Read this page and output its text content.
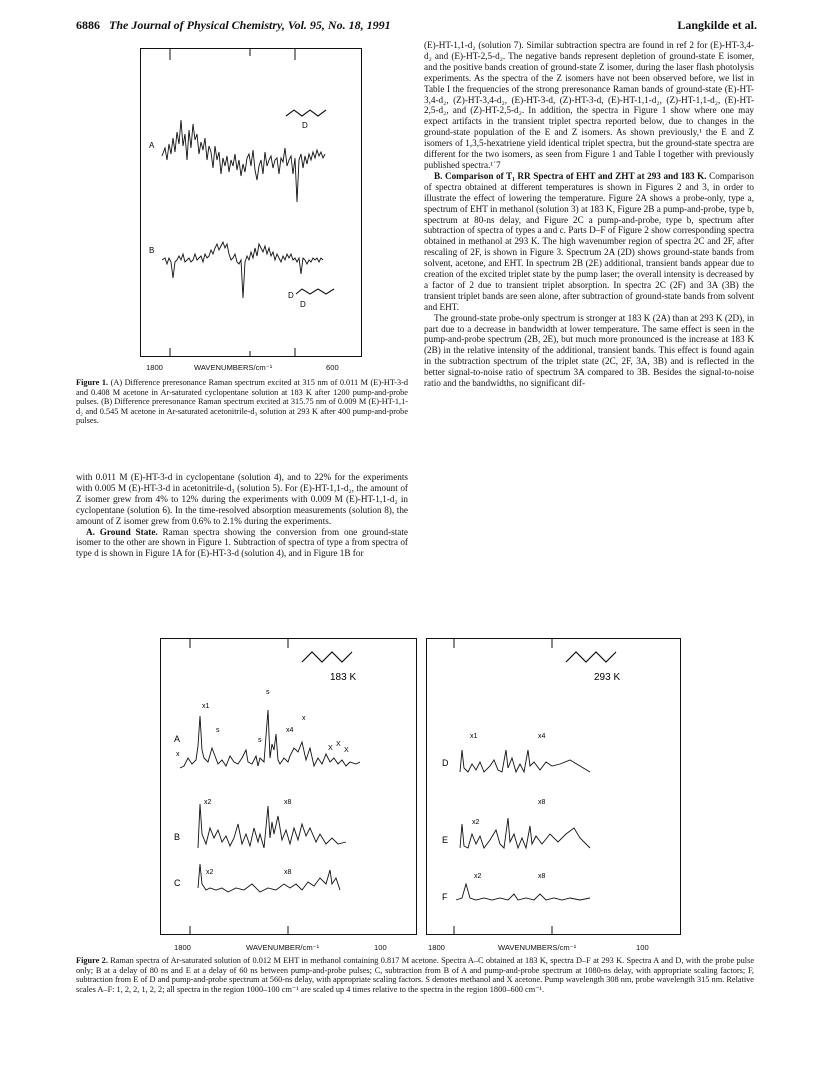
6886 The Journal of Physical Chemistry, Vol. 95, No. 18, 1991	Langkilde et al.
D
A
B
D
D
1800	WAVENUMBERS/cm⁻¹	600
Figure 1. (A) Difference preresonance Raman spectrum excited at 315 nm of 0.011 M (E)-HT-3-d and 0.408 M acetone in Ar-saturated cyclopentane solution at 183 K after 1200 pump-and-probe pulses. (B) Difference preresonance Raman spectrum excited at 315.75 nm of 0.009 M (E)-HT-1,1-d₂ and 0.545 M acetone in Ar-saturated acetonitrile-d₃ solution at 293 K after 400 pump-and-probe pulses.

with 0.011 M (E)-HT-3-d in cyclopentane (solution 4), and to 22% for the experiments with 0.005 M (E)-HT-3-d in acetonitrile-d₃ (solution 5). For (E)-HT-1,1-d₂, the amount of Z isomer grew from 4% to 12% during the experiments with 0.009 M (E)-HT-1,1-d₂ in cyclopentane (solution 6). In the time-resolved absorption measurements (solution 8), the amount of Z isomer grew from 0.6% to 2.1% during the experiments.

A. Ground State. Raman spectra showing the conversion from one ground-state isomer to the other are shown in Figure 1. Subtraction of spectra of type a from spectra of type d is shown in Figure 1A for (E)-HT-3-d (solution 4), and in Figure 1B for

(E)-HT-1,1-d₂ (solution 7). Similar subtraction spectra are found in ref 2 for (E)-HT-3,4-d₂ and (E)-HT-2,5-d₂. The negative bands represent depletion of ground-state E isomer, and the positive bands creation of ground-state Z isomer, during the laser flash photolysis experiments. As the spectra of the Z isomers have not been observed before, we list in Table I the frequencies of the strong preresonance Raman bands of ground-state (E)-HT-3,4-d₂, (Z)-HT-3,4-d₂, (E)-HT-3-d, (Z)-HT-3-d, (E)-HT-1,1-d₂, (Z)-HT-1,1-d₂, (E)-HT-2,5-d₂, and (Z)-HT-2,5-d₂. In addition, the spectra in Figure 1 show where one may expect artifacts in the transient triplet spectra reported below, due to changes in the ground-state population of the E and Z isomers. As shown previously,¹ the E and Z isomers of 1,3,5-hexatriene yield identical triplet spectra, but the ground-state spectra are different for the two isomers, as seen from Figure 1 and Table I together with previously published spectra.¹˙7

B. Comparison of T₁ RR Spectra of EHT and ZHT at 293 and 183 K. Comparison of spectra obtained at different temperatures is shown in Figures 2 and 3, in order to illustrate the effect of lowering the temperature. Figure 2A shows a probe-only, type a, spectrum of EHT in methanol (solution 3) at 183 K, Figure 2B a pump-and-probe, type b, spectrum at 80-ns delay, and Figure 2C a pump-and-probe, type b, spectrum after subtraction of spectra of types a and c. Parts D–F of Figure 2 show corresponding spectra obtained in methanol at 293 K. The high wavenumber region of spectra 2C and 2F, after rescaling of 2F, is shown in Figure 3. Spectrum 2A (2D) shows ground-state bands from solvent, acetone, and EHT. In spectrum 2B (2E) additional, transient bands appear due to creation of the excited triplet state by the pump laser; the overall intensity is decreased by a factor of 2 due to transient triplet absorption. In spectra 2C (2F) and 3A (3B) the transient triplet bands are seen alone, after subtraction of ground-state bands from solvent and EHT.

The ground-state probe-only spectrum is stronger at 183 K (2A) than at 293 K (2D), in part due to a decrease in bandwidth at lower temperature. The same effect is seen in the pump-and-probe spectrum (2B, 2E), but much more pronounced is the increase at 183 K (2B) in the relative intensity of the additional, transient bands. This effect is found again in the subtraction spectrum of the triplet state (2C, 2F, 3A, 3B) and is reflected in the better signal-to-noise ratio of spectrum 3A compared to 3B. Besides the signal-to-noise ratio and the bandwidths, no significant dif-

183 K	293 K
A
x1
s
s
s
x
x4
x
X
X
X
B
x2	x8
C
x2	x8
D
x1	x4
E
x2
x8
F
x2	x8
1800	WAVENUMBER/cm⁻¹	100	1800	WAVENUMBERS/cm⁻¹	100
Figure 2. Raman spectra of Ar-saturated solution of 0.012 M EHT in methanol containing 0.817 M acetone. Spectra A–C obtained at 183 K, spectra D–F at 293 K. Spectra A and D, with the probe pulse only; B at a delay of 80 ns and E at a delay of 60 ns between pump-and-probe pulses; C, subtraction from B of A and pump-and-probe spectrum at 1080-ns delay, with appropriate scaling factors; F, subtraction from E of D and pump-and-probe spectrum at 560-ns delay, with appropriate scaling factors. S denotes methanol and X acetone. Pump wavelength 308 nm, probe wavelength 315 nm. Relative scales A–F: 1, 2, 2, 1, 2, 2; all spectra in the region 1000–100 cm⁻¹ are scaled up 4 times relative to the spectra in the region 1800–600 cm⁻¹.
